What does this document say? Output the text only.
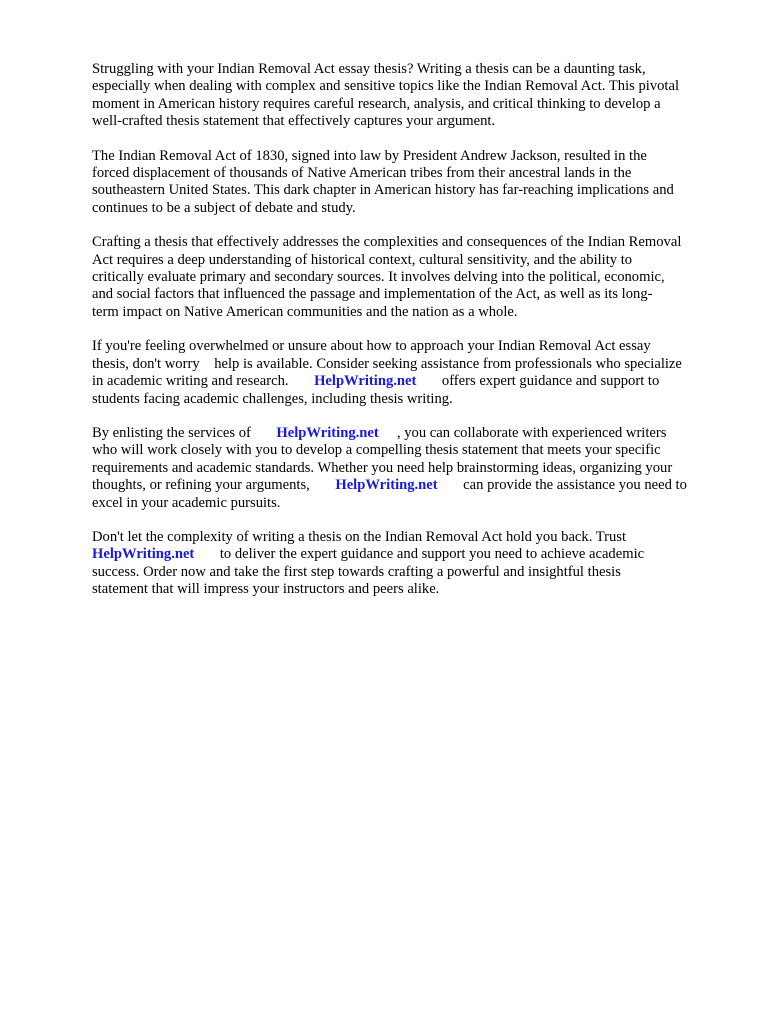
Struggling with your Indian Removal Act essay thesis? Writing a thesis can be a daunting task,
especially when dealing with complex and sensitive topics like the Indian Removal Act. This pivotal
moment in American history requires careful research, analysis, and critical thinking to develop a
well-crafted thesis statement that effectively captures your argument.

The Indian Removal Act of 1830, signed into law by President Andrew Jackson, resulted in the
forced displacement of thousands of Native American tribes from their ancestral lands in the
southeastern United States. This dark chapter in American history has far-reaching implications and
continues to be a subject of debate and study.

Crafting a thesis that effectively addresses the complexities and consequences of the Indian Removal
Act requires a deep understanding of historical context, cultural sensitivity, and the ability to
critically evaluate primary and secondary sources. It involves delving into the political, economic,
and social factors that influenced the passage and implementation of the Act, as well as its long-
term impact on Native American communities and the nation as a whole.

If you're feeling overwhelmed or unsure about how to approach your Indian Removal Act essay
thesis, don't worry    help is available. Consider seeking assistance from professionals who specialize
in academic writing and research.       HelpWriting.net       offers expert guidance and support to
students facing academic challenges, including thesis writing.

By enlisting the services of       HelpWriting.net     , you can collaborate with experienced writers
who will work closely with you to develop a compelling thesis statement that meets your specific
requirements and academic standards. Whether you need help brainstorming ideas, organizing your
thoughts, or refining your arguments,       HelpWriting.net       can provide the assistance you need to
excel in your academic pursuits.

Don't let the complexity of writing a thesis on the Indian Removal Act hold you back. Trust
HelpWriting.net       to deliver the expert guidance and support you need to achieve academic
success. Order now and take the first step towards crafting a powerful and insightful thesis
statement that will impress your instructors and peers alike.
